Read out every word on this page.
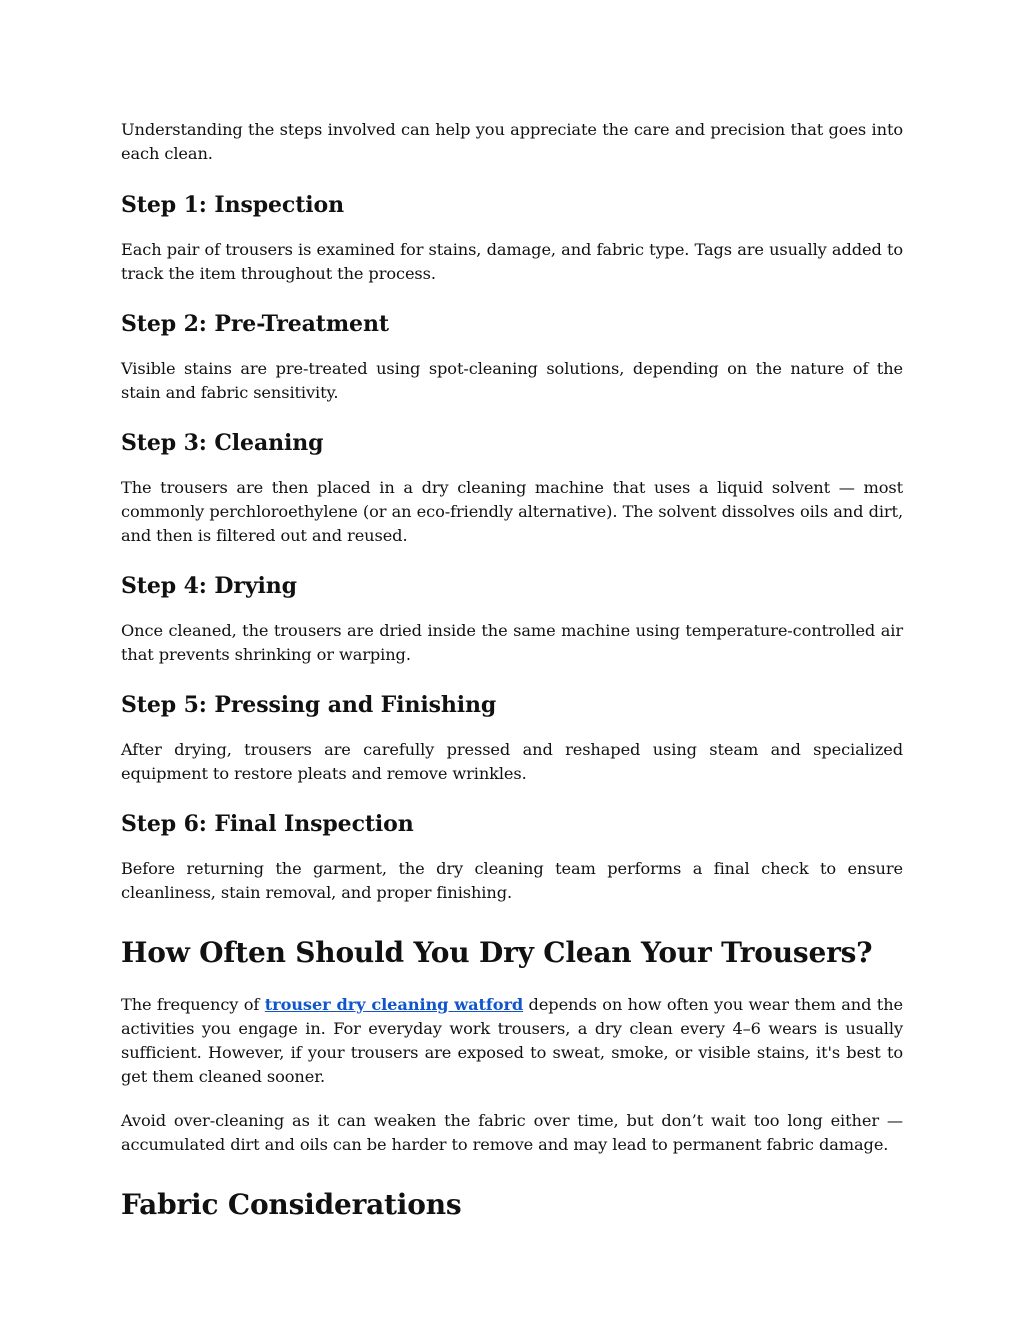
Understanding the steps involved can help you appreciate the care and precision that goes into each clean.

Step 1: Inspection

Each pair of trousers is examined for stains, damage, and fabric type. Tags are usually added to track the item throughout the process.

Step 2: Pre-Treatment

Visible stains are pre-treated using spot-cleaning solutions, depending on the nature of the stain and fabric sensitivity.

Step 3: Cleaning

The trousers are then placed in a dry cleaning machine that uses a liquid solvent — most commonly perchloroethylene (or an eco-friendly alternative). The solvent dissolves oils and dirt, and then is filtered out and reused.

Step 4: Drying

Once cleaned, the trousers are dried inside the same machine using temperature-controlled air that prevents shrinking or warping.

Step 5: Pressing and Finishing

After drying, trousers are carefully pressed and reshaped using steam and specialized equipment to restore pleats and remove wrinkles.

Step 6: Final Inspection

Before returning the garment, the dry cleaning team performs a final check to ensure cleanliness, stain removal, and proper finishing.

How Often Should You Dry Clean Your Trousers?

The frequency of trouser dry cleaning watford depends on how often you wear them and the activities you engage in. For everyday work trousers, a dry clean every 4–6 wears is usually sufficient. However, if your trousers are exposed to sweat, smoke, or visible stains, it's best to get them cleaned sooner.

Avoid over-cleaning as it can weaken the fabric over time, but don’t wait too long either — accumulated dirt and oils can be harder to remove and may lead to permanent fabric damage.

Fabric Considerations
